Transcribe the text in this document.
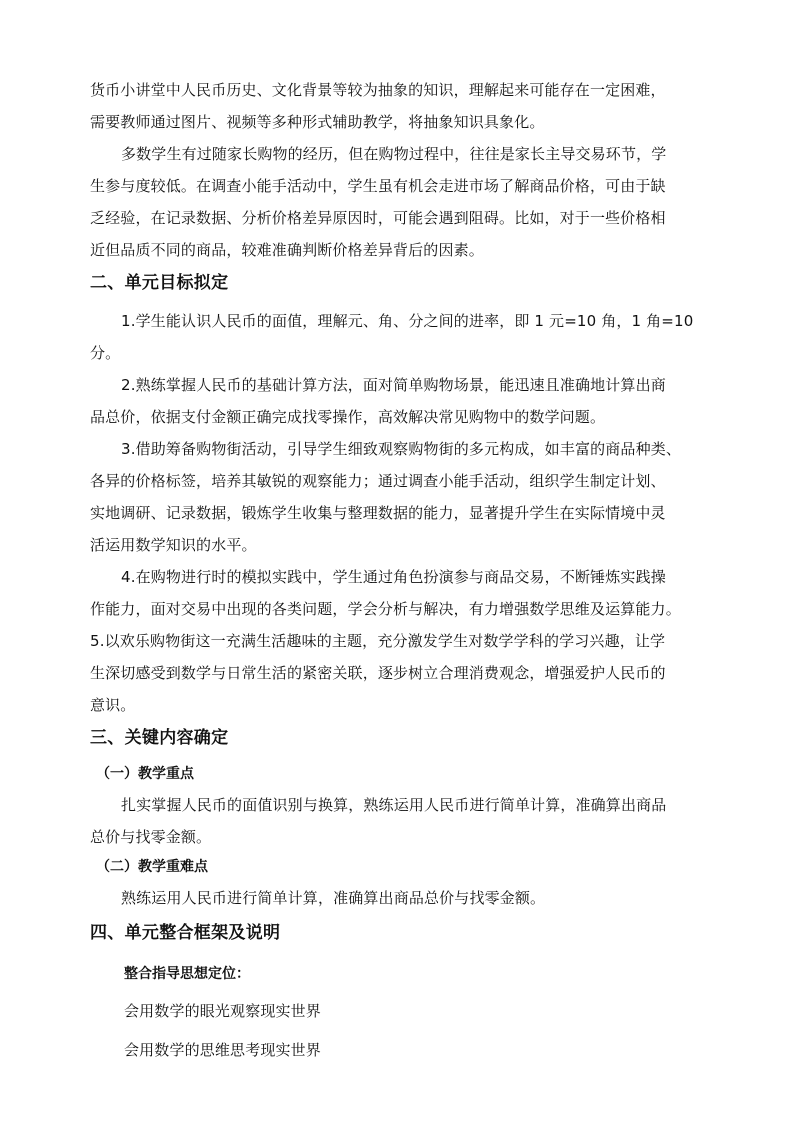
货币小讲堂中人民币历史、文化背景等较为抽象的知识，理解起来可能存在一定困难，
需要教师通过图片、视频等多种形式辅助教学，将抽象知识具象化。
多数学生有过随家长购物的经历，但在购物过程中，往往是家长主导交易环节，学
生参与度较低。在调查小能手活动中，学生虽有机会走进市场了解商品价格，可由于缺
乏经验，在记录数据、分析价格差异原因时，可能会遇到阻碍。比如，对于一些价格相
近但品质不同的商品，较难准确判断价格差异背后的因素。
二、单元目标拟定
1.学生能认识人民币的面值，理解元、角、分之间的进率，即 1 元=10 角，1 角=10
分。
2.熟练掌握人民币的基础计算方法，面对简单购物场景，能迅速且准确地计算出商
品总价，依据支付金额正确完成找零操作，高效解决常见购物中的数学问题。
3.借助筹备购物街活动，引导学生细致观察购物街的多元构成，如丰富的商品种类、
各异的价格标签，培养其敏锐的观察能力；通过调查小能手活动，组织学生制定计划、
实地调研、记录数据，锻炼学生收集与整理数据的能力，显著提升学生在实际情境中灵
活运用数学知识的水平。
4.在购物进行时的模拟实践中，学生通过角色扮演参与商品交易，不断锤炼实践操
作能力，面对交易中出现的各类问题，学会分析与解决，有力增强数学思维及运算能力。
5.以欢乐购物街这一充满生活趣味的主题，充分激发学生对数学学科的学习兴趣，让学
生深切感受到数学与日常生活的紧密关联，逐步树立合理消费观念，增强爱护人民币的
意识。
三、关键内容确定
（一）教学重点
扎实掌握人民币的面值识别与换算，熟练运用人民币进行简单计算，准确算出商品
总价与找零金额。
（二）教学重难点
熟练运用人民币进行简单计算，准确算出商品总价与找零金额。
四、单元整合框架及说明
整合指导思想定位：
会用数学的眼光观察现实世界
会用数学的思维思考现实世界
